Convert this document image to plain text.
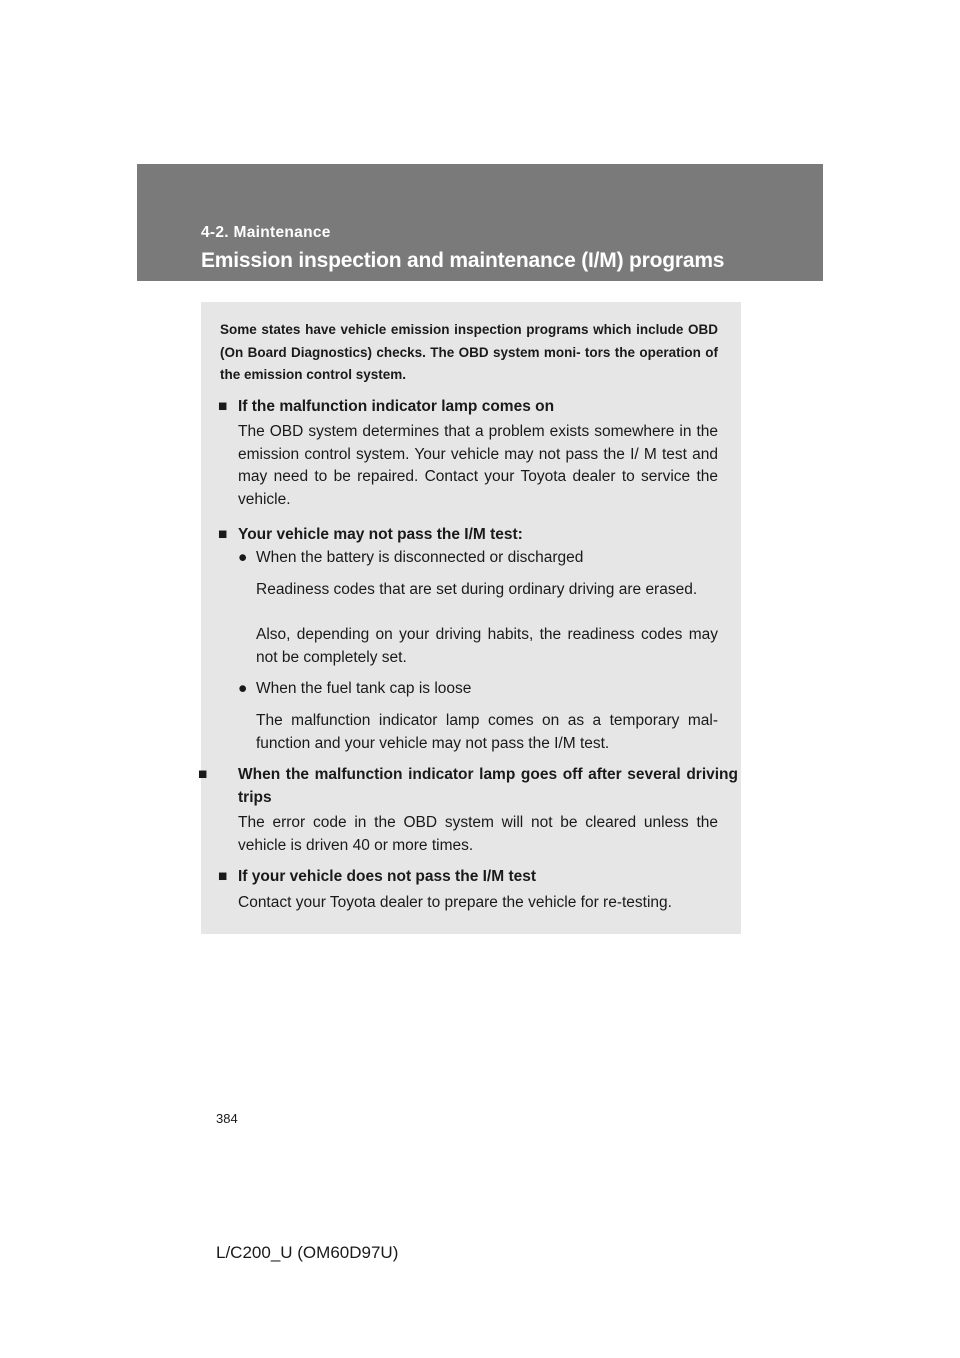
4-2. Maintenance
Emission inspection and maintenance (I/M) programs
Some states have vehicle emission inspection programs which include OBD (On Board Diagnostics) checks. The OBD system moni- tors the operation of the emission control system.
■ If the malfunction indicator lamp comes on
The OBD system determines that a problem exists somewhere in the emission control system. Your vehicle may not pass the I/ M test and may need to be repaired. Contact your Toyota dealer to service the vehicle.
■ Your vehicle may not pass the I/M test:
● When the battery is disconnected or discharged
Readiness codes that are set during ordinary driving are erased.
Also, depending on your driving habits, the readiness codes may not be completely set.
● When the fuel tank cap is loose
The malfunction indicator lamp comes on as a temporary mal- function and your vehicle may not pass the I/M test.
■ When the malfunction indicator lamp goes off after several driving trips
The error code in the OBD system will not be cleared unless the vehicle is driven 40 or more times.
■ If your vehicle does not pass the I/M test
Contact your Toyota dealer to prepare the vehicle for re-testing.
384
L/C200_U (OM60D97U)
